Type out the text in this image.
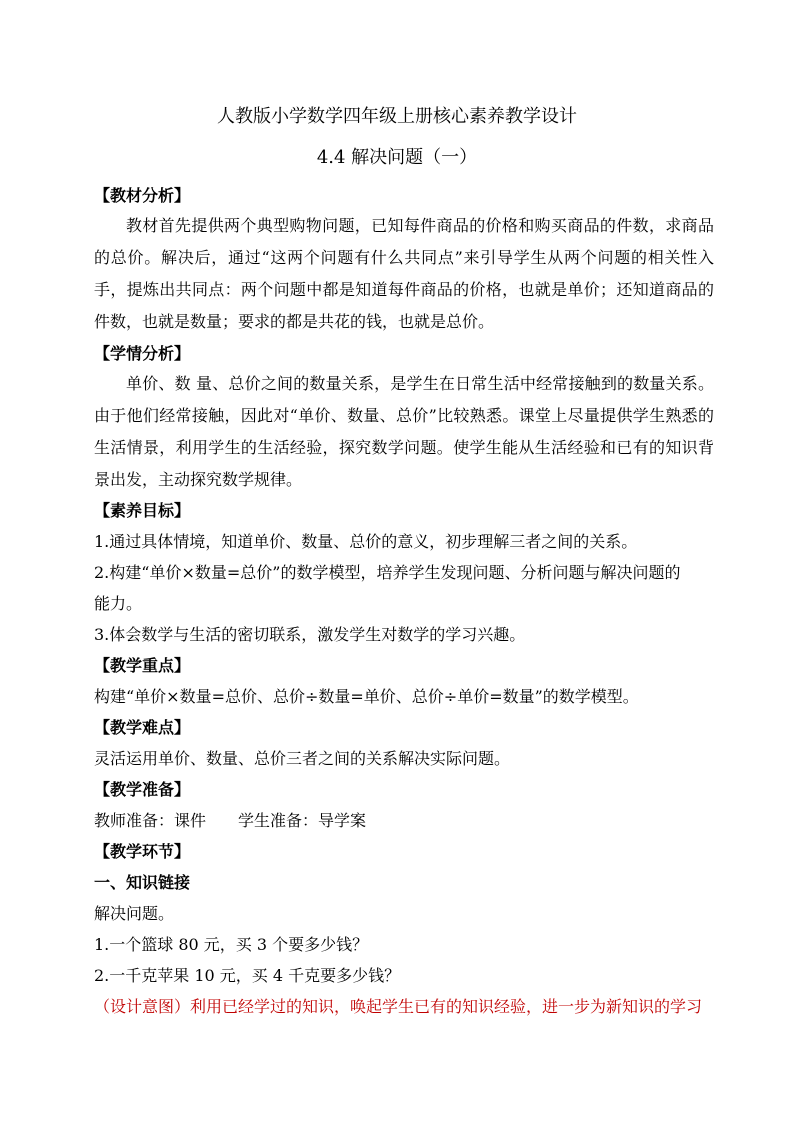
人教版小学数学四年级上册核心素养教学设计
4.4 解决问题（一）
【教材分析】
教材首先提供两个典型购物问题，已知每件商品的价格和购买商品的件数，求商品的总价。解决后，通过“这两个问题有什么共同点”来引导学生从两个问题的相关性入手，提炼出共同点：两个问题中都是知道每件商品的价格，也就是单价；还知道商品的件数，也就是数量；要求的都是共花的钱，也就是总价。
【学情分析】
单价、数 量、总价之间的数量关系，是学生在日常生活中经常接触到的数量关系。由于他们经常接触，因此对“单价、数量、总价”比较熟悉。课堂上尽量提供学生熟悉的生活情景，利用学生的生活经验，探究数学问题。使学生能从生活经验和已有的知识背景出发，主动探究数学规律。
【素养目标】
1.通过具体情境，知道单价、数量、总价的意义，初步理解三者之间的关系。
2.构建“单价×数量=总价”的数学模型，培养学生发现问题、分析问题与解决问题的
能力。
3.体会数学与生活的密切联系，激发学生对数学的学习兴趣。
【教学重点】
构建“单价×数量=总价、总价÷数量=单价、总价÷单价=数量”的数学模型。
【教学难点】
灵活运用单价、数量、总价三者之间的关系解决实际问题。
【教学准备】
教师准备：课件　　学生准备：导学案
【教学环节】
一、知识链接
解决问题。
1.一个篮球 80 元，买 3 个要多少钱？
2.一千克苹果 10 元，买 4 千克要多少钱？
（设计意图）利用已经学过的知识，唤起学生已有的知识经验，进一步为新知识的学习
